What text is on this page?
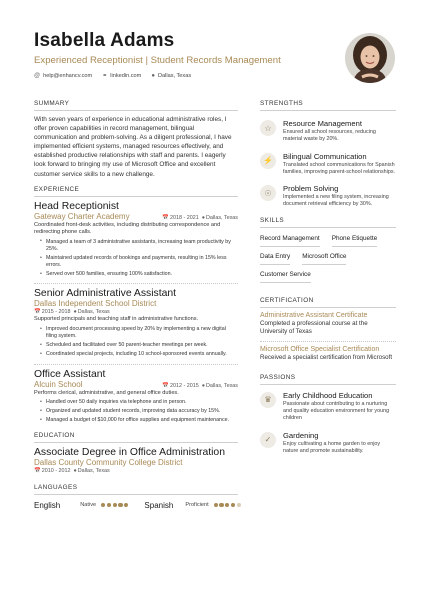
Isabella Adams
Experienced Receptionist | Student Records Management
@ help@enhancv.com ⚭ linkedin.com ● Dallas, Texas
SUMMARY
With seven years of experience in educational administrative roles, I offer proven capabilities in record management, bilingual communication and problem-solving. As a diligent professional, I have implemented efficient systems, managed resources effectively, and established productive relationships with staff and parents. I eagerly look forward to bringing my use of Microsoft Office and excellent customer service skills to a new challenge.
EXPERIENCE
Head Receptionist
Gateway Charter Academy	📅2018 - 2021 ●Dallas, Texas
Coordinated front-desk activities, including distributing correspondence and redirecting phone calls.
• Managed a team of 3 administrative assistants, increasing team productivity by 25%.
• Maintained updated records of bookings and payments, resulting in 15% less errors.
• Served over 500 families, ensuring 100% satisfaction.
Senior Administrative Assistant
Dallas Independent School District
📅2015 - 2018 ●Dallas, Texas
Supported principals and teaching staff in administrative functions.
• Improved document processing speed by 20% by implementing a new digital filing system.
• Scheduled and facilitated over 50 parent-teacher meetings per week.
• Coordinated special projects, including 10 school-sponsored events annually.
Office Assistant
Alcuin School	📅2012 - 2015 ●Dallas, Texas
Performs clerical, administrative, and general office duties.
• Handled over 50 daily inquiries via telephone and in person.
• Organized and updated student records, improving data accuracy by 15%.
• Managed a budget of $10,000 for office supplies and equipment maintenance.
EDUCATION
Associate Degree in Office Administration
Dallas County Community College District
📅2010 - 2012 ●Dallas, Texas
LANGUAGES
English	Native	Spanish Proficient
STRENGTHS
☆	Resource Management
Ensured all school resources, reducing material waste by 20%.
⚡	Bilingual Communication
Translated school communications for Spanish families, improving parent-school relationships.
☉	Problem Solving
Implemented a new filing system, increasing document retrieval efficiency by 30%.
SKILLS
Record Management Phone Etiquette
Data Entry Microsoft Office
Customer Service
CERTIFICATION
Administrative Assistant Certificate
Completed a professional course at the University of Texas
Microsoft Office Specialist Certification
Received a specialist certification from Microsoft
PASSIONS
♛	Early Childhood Education
Passionate about contributing to a nurturing and quality education environment for young children
✓	Gardening
Enjoy cultivating a home garden to enjoy nature and promote sustainability.
